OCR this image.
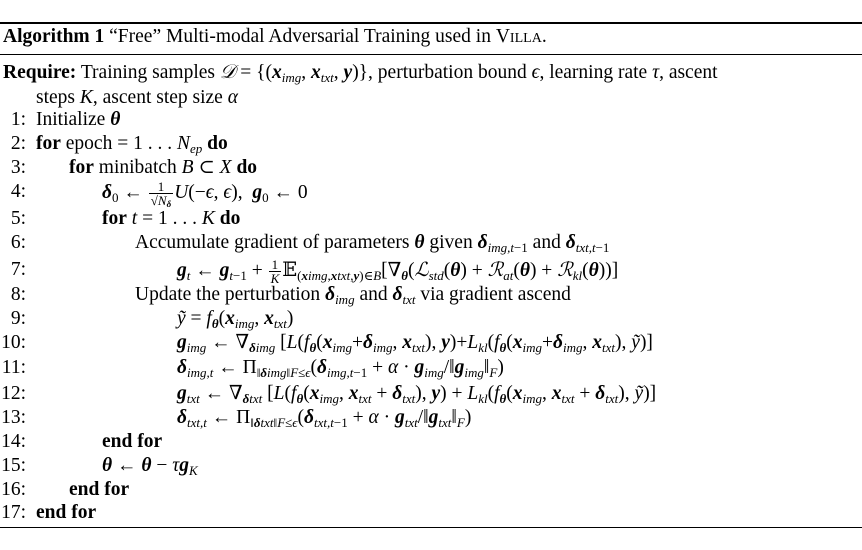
Algorithm 1 “Free” Multi-modal Adversarial Training used in Villa.
Require: Training samples 𝒟 = {($x_{img}$, $x_{txt}$, y)}, perturbation bound ϵ, learning rate τ, ascent
steps K, ascent step size α
1: Initialize θ
2: for epoch = 1 . . . $N_{ep}$ do
3: for minibatch B ⊂ X do
4:	$\delta_0$ ← $\frac{1}{√N_\delta} U(-\epsilon$, ϵ),  $g_0$ ← 0
5:	for t = 1 . . . K do
6:	Accumulate gradient of parameters θ given $\delta_{img,t-1}$ and $\delta_{txt,t-1}$
7:	$g_t$ ← $g_{t-1} + \frac{1}{K}$ $𝔼_{(ximg,xtxt,y)\in B}[\nabla_\theta(ℒ_{std}(\theta)$ + ℛ$_{at}$(θ) + ℛ$_{kl}$(θ))]
8:	Update the perturbation $\delta_{img}$ and $\delta_{txt}$ via gradient ascend
9:	ỹ = $f_\theta(x_{img}$, $x_{txt}$)
10:	$g_{img}$ ← $\nabla_{\delta img}$ [$L(f_\theta(x_{img}+\delta_{img}$, $x_{txt}$), $y)+L_{kl}(f_\theta(x_{img}+\delta_{img}$, $x_{txt}$), ỹ)]
11:	$\delta_{img,t}$ ← $\Pi_{‖\delta img‖F\le\epsilon}(\delta_{img,t-1} + \alpha$ · $g_{img}/‖g_{img}‖_F$)
12:	$g_{txt}$ ← $\nabla_{\delta txt}$ [$L(f_\theta(x_{img}$, $x_{txt} + \delta_{txt}$), $y) + L_{kl}(f_\theta(x_{img}$, $x_{txt} + \delta_{txt}$), ỹ)]
13:	$\delta_{txt,t}$ ← $\Pi_{‖\delta txt‖F\le\epsilon}(\delta_{txt,t-1} + \alpha$ · $g_{txt}/‖g_{txt}‖_F$)
14:	end for
15:	θ ← $\theta - \tau g_K$
16: end for
17: end for
